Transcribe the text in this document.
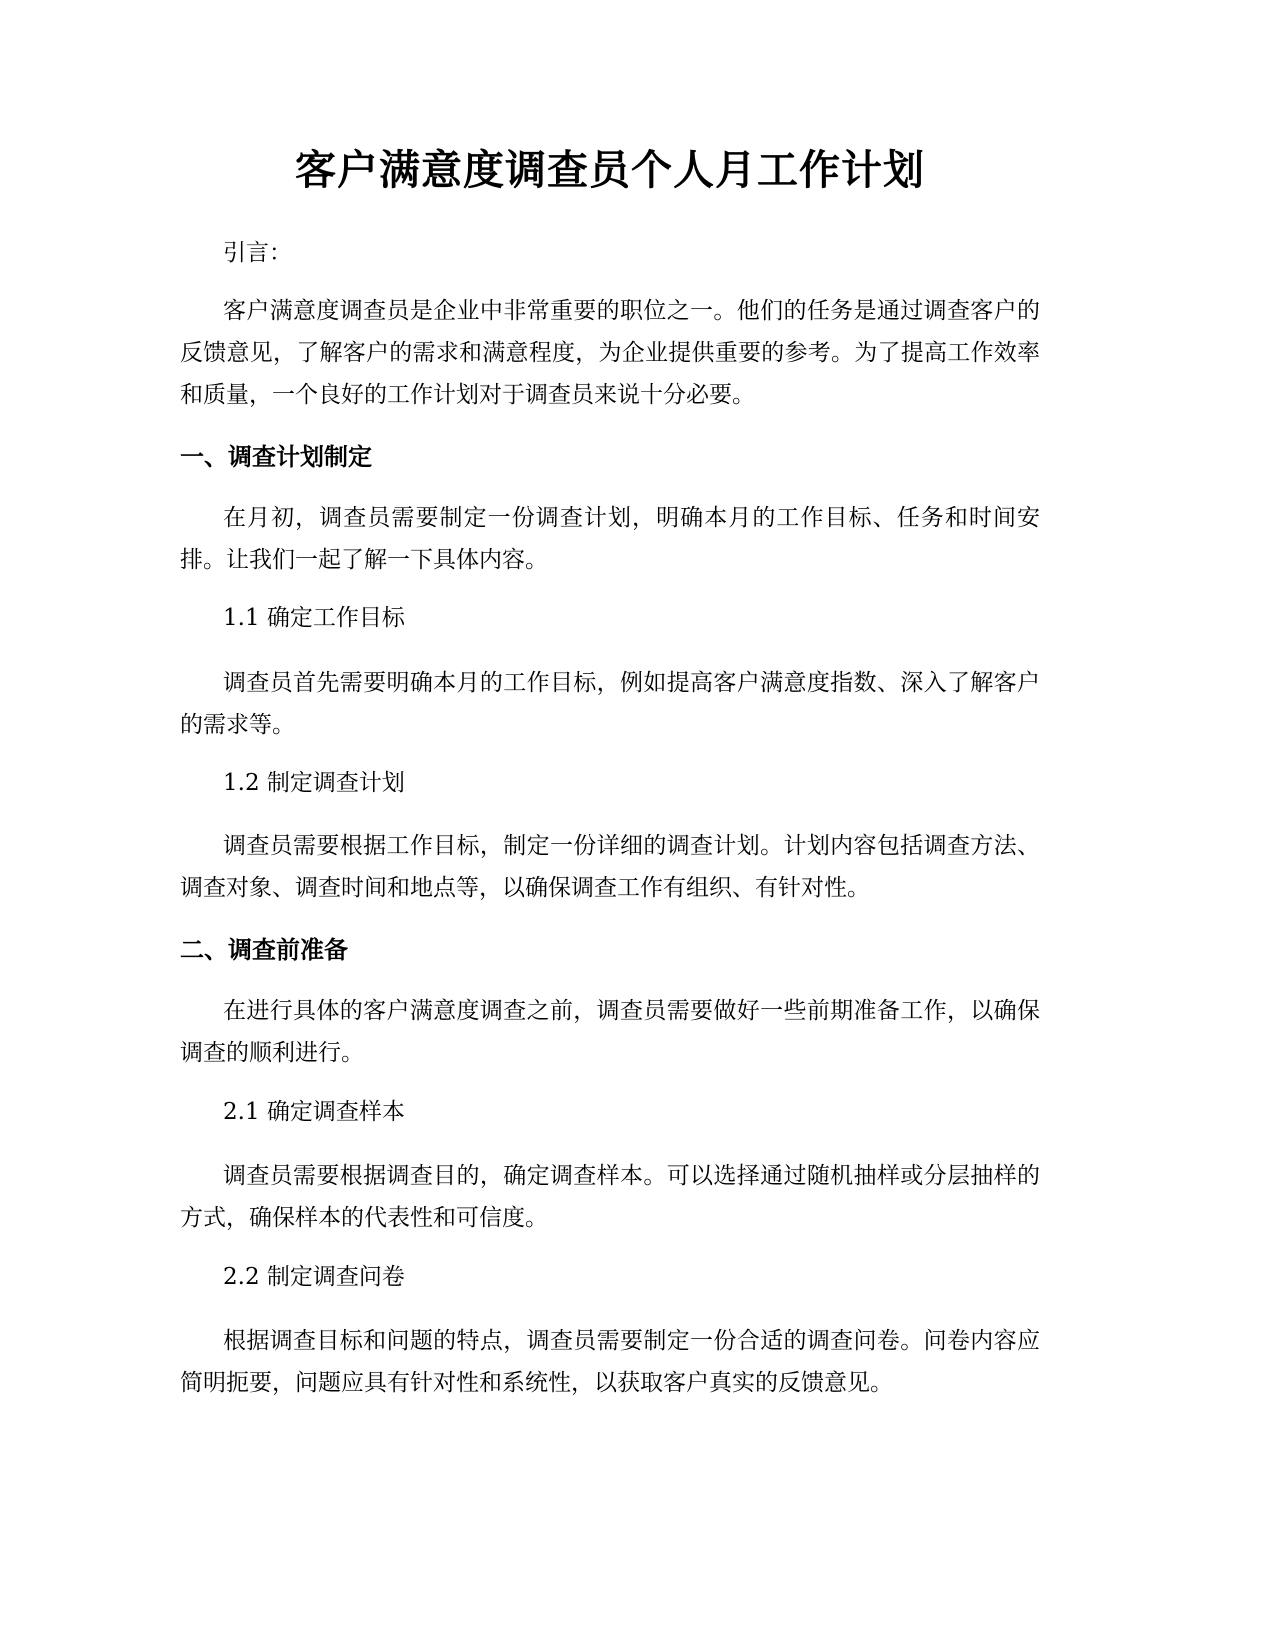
客户满意度调查员个人月工作计划

引言：

客户满意度调查员是企业中非常重要的职位之一。他们的任务是通过调查客户的反馈意见，了解客户的需求和满意程度，为企业提供重要的参考。为了提高工作效率和质量，一个良好的工作计划对于调查员来说十分必要。

一、调查计划制定

在月初，调查员需要制定一份调查计划，明确本月的工作目标、任务和时间安排。让我们一起了解一下具体内容。

1.1 确定工作目标

调查员首先需要明确本月的工作目标，例如提高客户满意度指数、深入了解客户的需求等。

1.2 制定调查计划

调查员需要根据工作目标，制定一份详细的调查计划。计划内容包括调查方法、调查对象、调查时间和地点等，以确保调查工作有组织、有针对性。

二、调查前准备

在进行具体的客户满意度调查之前，调查员需要做好一些前期准备工作，以确保调查的顺利进行。

2.1 确定调查样本

调查员需要根据调查目的，确定调查样本。可以选择通过随机抽样或分层抽样的方式，确保样本的代表性和可信度。

2.2 制定调查问卷

根据调查目标和问题的特点，调查员需要制定一份合适的调查问卷。问卷内容应简明扼要，问题应具有针对性和系统性，以获取客户真实的反馈意见。
